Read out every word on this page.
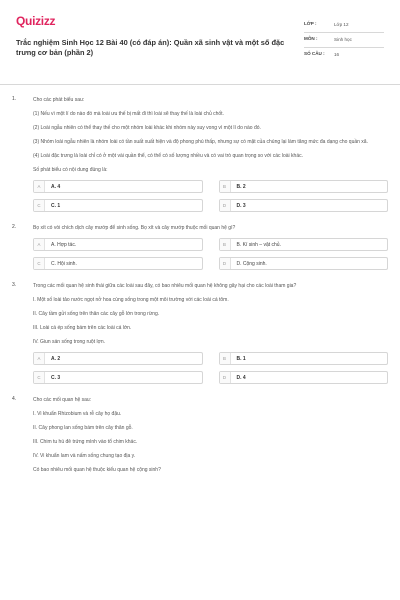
Quizizz
Trắc nghiệm Sinh Học 12 Bài 40 (có đáp án): Quần xã sinh vật và một số đặc trưng cơ bản (phần 2)
LỚP :	Lớp 12
MÔN :	Sinh học
SỐ CÂU :	16
1.	Cho các phát biểu sau:
(1) Nếu vì một lí do nào đó mà loài ưu thế bị mất đi thì loài sẽ thay thế là loài chủ chốt.
(2) Loài ngẫu nhiên có thể thay thế cho một nhóm loài khác khi nhóm này suy vong vì một lí do nào đó.
(3) Nhóm loài ngẫu nhiên là nhóm loài có tần suất xuất hiện và độ phong phú thấp, nhưng sự có mặt của chúng lại làm tăng mức đa dạng cho quần xã.
(4) Loài đặc trưng là loài chỉ có ở một vài quần thể, có thể có số lượng nhiều và có vai trò quan trọng so với các loài khác.
Số phát biểu có nội dung đúng là:
A	A. 4	B	B. 2
C	C. 1	D	D. 3
2.	Bọ xít có vòi chích dịch cây mướp để sinh sống. Bọ xít và cây mướp thuộc mối quan hệ gì?
A	A. Hợp tác.	B	B. Kí sinh – vật chủ.
C	C. Hội sinh.	D	D. Cộng sinh.
3.	Trong các mối quan hệ sinh thái giữa các loài sau đây, có bao nhiêu mối quan hệ không gây hại cho các loài tham gia?
I. Một số loài tảo nước ngọt nở hoa cùng sống trong một môi trường với các loài cá tôm.
II. Cây tầm gửi sống trên thân các cây gỗ lớn trong rừng.
III. Loài cá ép sống bám trên các loài cá lớn.
IV. Giun sán sống trong ruột lợn.
A	A. 2	B	B. 1
C	C. 3	D	D. 4
4.	Cho các mối quan hệ sau:
I. Vi khuẩn Rhizobium và rễ cây họ đậu.
II. Cây phong lan sống bám trên cây thân gỗ.
III. Chim tu hú đẻ trứng mình vào tổ chim khác.
IV. Vi khuẩn lam và nấm sống chung tạo địa y.
Có bao nhiêu mối quan hệ thuộc kiểu quan hệ cộng sinh?
